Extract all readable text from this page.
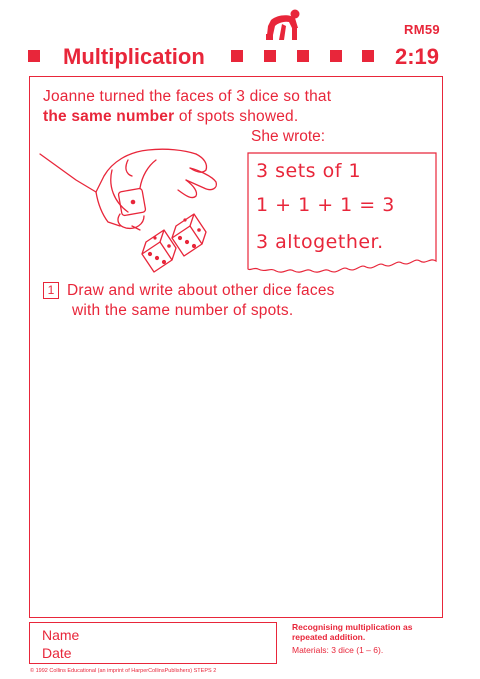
RM59
Multiplication	2:19
Joanne turned the faces of 3 dice so that
the same number of spots showed.
She wrote:
3 sets of 1
1 + 1 + 1 = 3
3 altogether.
1 Draw and write about other dice faces
with the same number of spots.
Name
Date
Recognising multiplication as repeated addition.
Materials: 3 dice (1 – 6).
© 1992 Collins Educational (an imprint of HarperCollinsPublishers) STEPS 2
